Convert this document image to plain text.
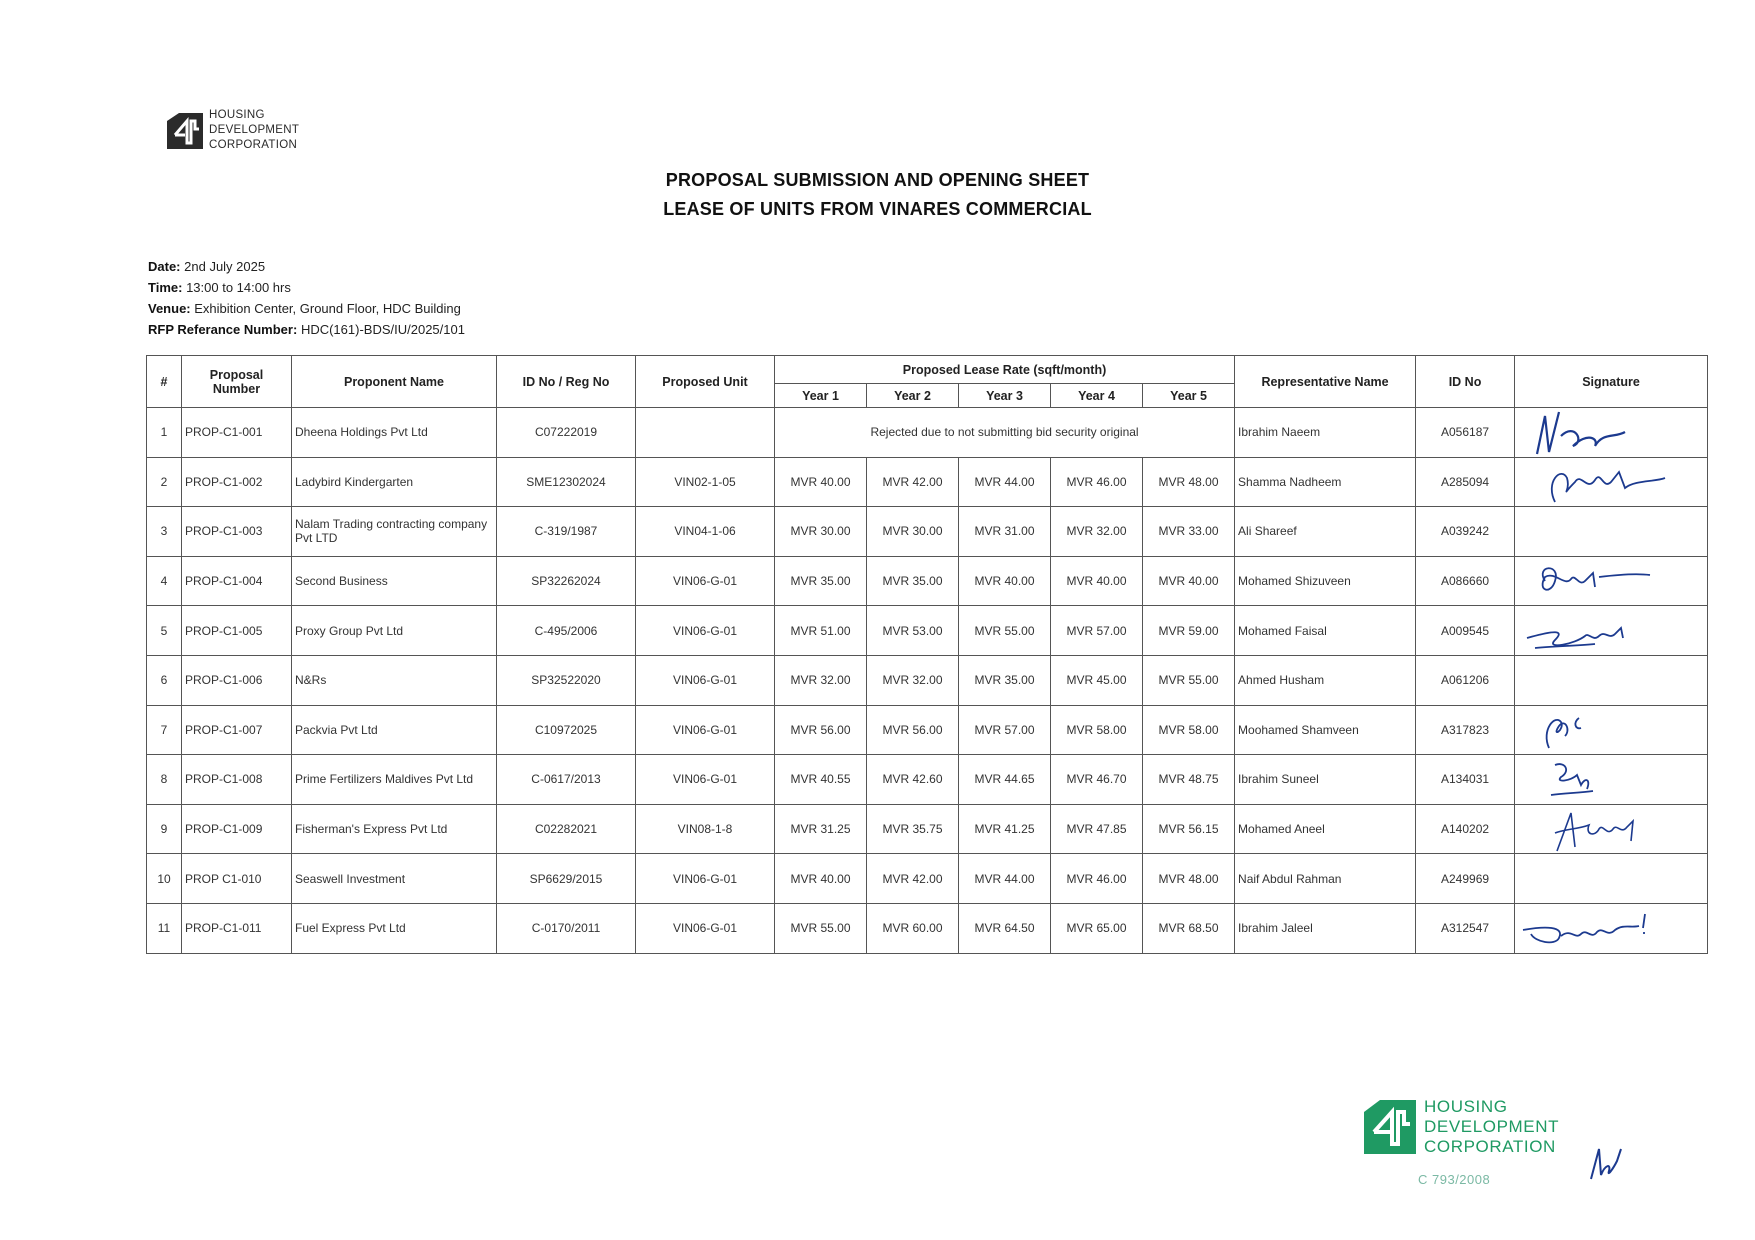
HOUSING
DEVELOPMENT
CORPORATION
PROPOSAL SUBMISSION AND OPENING SHEET
LEASE OF UNITS FROM VINARES COMMERCIAL
Date: 2nd July 2025
Time: 13:00 to 14:00 hrs
Venue: Exhibition Center, Ground Floor, HDC Building
RFP Referance Number: HDC(161)-BDS/IU/2025/101
#	Proposal Number	Proponent Name	ID No / Reg No	Proposed Unit	Proposed Lease Rate (sqft/month)					Representative Name	ID No	Signature
					Year 1	Year 2	Year 3	Year 4	Year 5			
1	PROP-C1-001	Dheena Holdings Pvt Ltd	C07222019		Rejected due to not submitting bid security original					Ibrahim Naeem	A056187	

2	PROP-C1-002	Ladybird Kindergarten	SME12302024	VIN02-1-05	MVR 40.00	MVR 42.00	MVR 44.00	MVR 46.00	MVR 48.00	Shamma Nadheem	A285094	

3	PROP-C1-003	Nalam Trading contracting company Pvt LTD	C-319/1987	VIN04-1-06	MVR 30.00	MVR 30.00	MVR 31.00	MVR 32.00	MVR 33.00	Ali Shareef	A039242	
4	PROP-C1-004	Second Business	SP32262024	VIN06-G-01	MVR 35.00	MVR 35.00	MVR 40.00	MVR 40.00	MVR 40.00	Mohamed Shizuveen	A086660	

5	PROP-C1-005	Proxy Group Pvt Ltd	C-495/2006	VIN06-G-01	MVR 51.00	MVR 53.00	MVR 55.00	MVR 57.00	MVR 59.00	Mohamed Faisal	A009545	

6	PROP-C1-006	N&Rs	SP32522020	VIN06-G-01	MVR 32.00	MVR 32.00	MVR 35.00	MVR 45.00	MVR 55.00	Ahmed Husham	A061206	
7	PROP-C1-007	Packvia Pvt Ltd	C10972025	VIN06-G-01	MVR 56.00	MVR 56.00	MVR 57.00	MVR 58.00	MVR 58.00	Moohamed Shamveen	A317823	

8	PROP-C1-008	Prime Fertilizers Maldives Pvt Ltd	C-0617/2013	VIN06-G-01	MVR 40.55	MVR 42.60	MVR 44.65	MVR 46.70	MVR 48.75	Ibrahim Suneel	A134031	

9	PROP-C1-009	Fisherman's Express Pvt Ltd	C02282021	VIN08-1-8	MVR 31.25	MVR 35.75	MVR 41.25	MVR 47.85	MVR 56.15	Mohamed Aneel	A140202	

10	PROP C1-010	Seaswell Investment	SP6629/2015	VIN06-G-01	MVR 40.00	MVR 42.00	MVR 44.00	MVR 46.00	MVR 48.00	Naif Abdul Rahman	A249969	
11	PROP-C1-011	Fuel Express Pvt Ltd	C-0170/2011	VIN06-G-01	MVR 55.00	MVR 60.00	MVR 64.50	MVR 65.00	MVR 68.50	Ibrahim Jaleel	A312547	
HOUSING
DEVELOPMENT
CORPORATION
C 793/2008
